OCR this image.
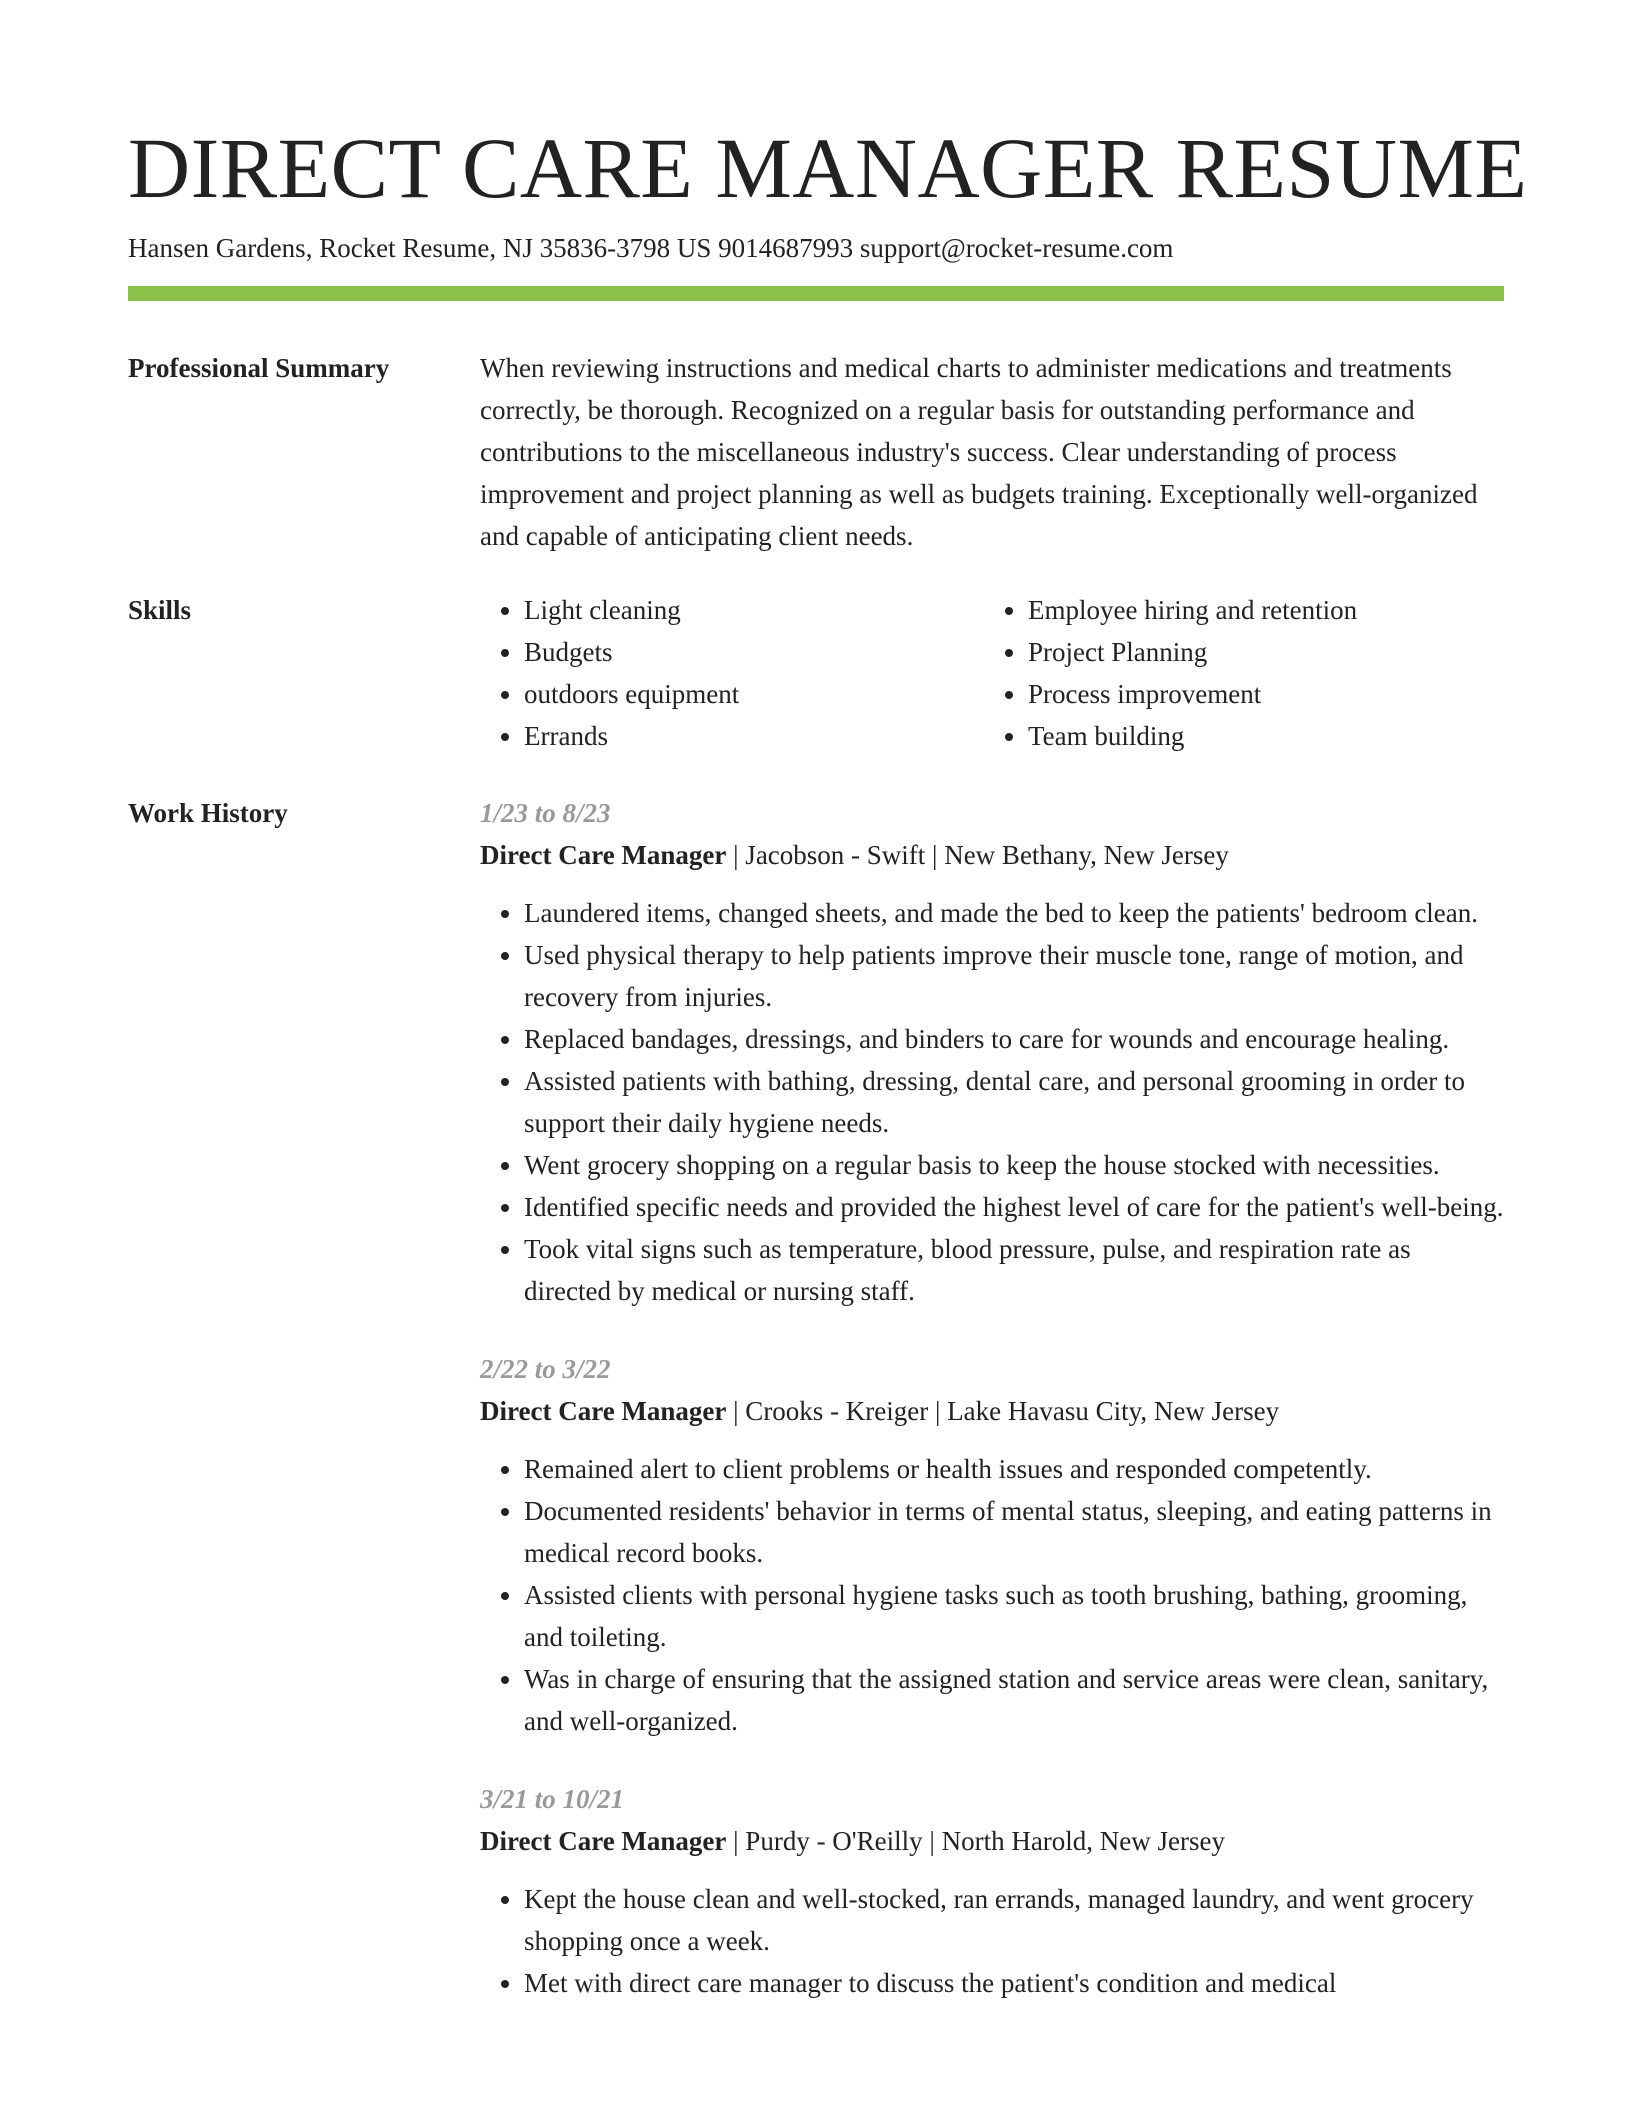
DIRECT CARE MANAGER RESUME
Hansen Gardens, Rocket Resume, NJ 35836-3798 US 9014687993 support@rocket-resume.com
Professional Summary	When reviewing instructions and medical charts to administer medications and treatments correctly, be thorough. Recognized on a regular basis for outstanding performance and contributions to the miscellaneous industry's success. Clear understanding of process improvement and project planning as well as budgets training. Exceptionally well-organized and capable of anticipating client needs.

Skills
•	Light cleaning
• Budgets
• outdoors equipment
• Errands
• Employee hiring and retention
• Project Planning
• Process improvement
• Team building
Work History	1/23 to 8/23
Direct Care Manager | Jacobson - Swift | New Bethany, New Jersey
• Laundered items, changed sheets, and made the bed to keep the patients' bedroom clean.
• Used physical therapy to help patients improve their muscle tone, range of motion, and recovery from injuries.
• Replaced bandages, dressings, and binders to care for wounds and encourage healing.
• Assisted patients with bathing, dressing, dental care, and personal grooming in order to support their daily hygiene needs.
• Went grocery shopping on a regular basis to keep the house stocked with necessities.
• Identified specific needs and provided the highest level of care for the patient's well-being.
• Took vital signs such as temperature, blood pressure, pulse, and respiration rate as directed by medical or nursing staff.
2/22 to 3/22
Direct Care Manager | Crooks - Kreiger | Lake Havasu City, New Jersey
• Remained alert to client problems or health issues and responded competently.
• Documented residents' behavior in terms of mental status, sleeping, and eating patterns in medical record books.
• Assisted clients with personal hygiene tasks such as tooth brushing, bathing, grooming, and toileting.
• Was in charge of ensuring that the assigned station and service areas were clean, sanitary, and well-organized.
3/21 to 10/21
Direct Care Manager | Purdy - O'Reilly | North Harold, New Jersey
• Kept the house clean and well-stocked, ran errands, managed laundry, and went grocery shopping once a week.
• Met with direct care manager to discuss the patient's condition and medical
